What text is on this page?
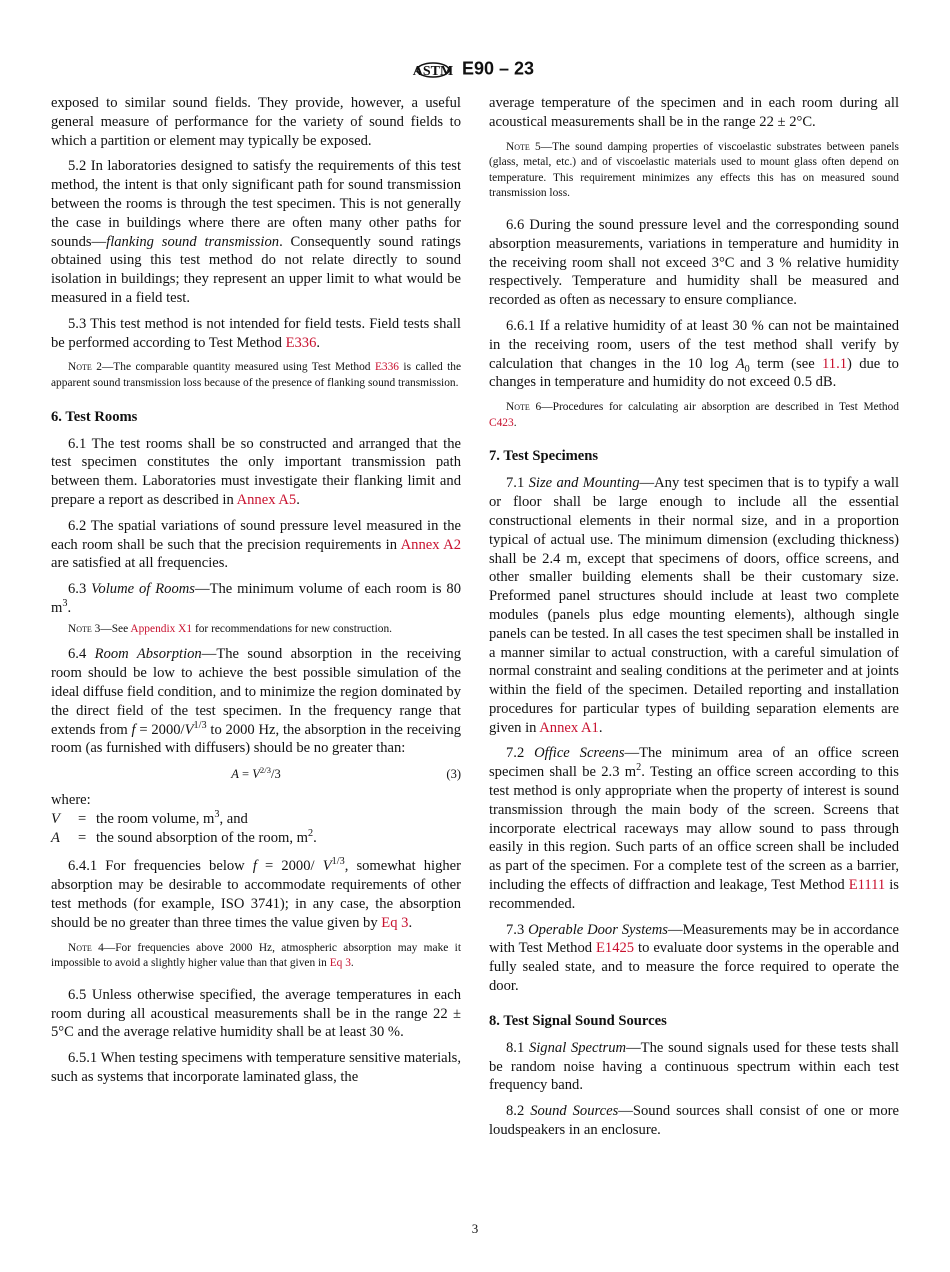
ASTM E90 – 23
exposed to similar sound fields. They provide, however, a useful general measure of performance for the variety of sound fields to which a partition or element may typically be exposed.
5.2 In laboratories designed to satisfy the requirements of this test method, the intent is that only significant path for sound transmission between the rooms is through the test specimen. This is not generally the case in buildings where there are often many other paths for sounds—flanking sound transmission. Consequently sound ratings obtained using this test method do not relate directly to sound isolation in buildings; they represent an upper limit to what would be measured in a field test.
5.3 This test method is not intended for field tests. Field tests shall be performed according to Test Method E336.
Note 2—The comparable quantity measured using Test Method E336 is called the apparent sound transmission loss because of the presence of flanking sound transmission.
6. Test Rooms
6.1 The test rooms shall be so constructed and arranged that the test specimen constitutes the only important transmission path between them. Laboratories must investigate their flanking limit and prepare a report as described in Annex A5.
6.2 The spatial variations of sound pressure level measured in the each room shall be such that the precision requirements in Annex A2 are satisfied at all frequencies.
6.3 Volume of Rooms—The minimum volume of each room is 80 $m^3$.
Note 3—See Appendix X1 for recommendations for new construction.
6.4 Room Absorption—The sound absorption in the receiving room should be low to achieve the best possible simulation of the ideal diffuse field condition, and to minimize the region dominated by the direct field of the test specimen. In the frequency range that extends from $f = 2000/V^{1/3}$ to 2000 Hz, the absorption in the receiving room (as furnished with diffusers) should be no greater than:
$A = V^{2/3}/3$	(3)
where:
V	= the room volume, $m^3$, and
A	= the sound absorption of the room, $m^2$.
6.4.1 For frequencies below f = 2000/ $V^{1/3}$, somewhat higher absorption may be desirable to accommodate requirements of other test methods (for example, ISO 3741); in any case, the absorption should be no greater than three times the value given by Eq 3.
Note 4—For frequencies above 2000 Hz, atmospheric absorption may make it impossible to avoid a slightly higher value than that given in Eq 3.
6.5 Unless otherwise specified, the average temperatures in each room during all acoustical measurements shall be in the range 22 ± 5°C and the average relative humidity shall be at least 30 %.
6.5.1 When testing specimens with temperature sensitive materials, such as systems that incorporate laminated glass, the
average temperature of the specimen and in each room during all acoustical measurements shall be in the range 22 ± 2°C.
Note 5—The sound damping properties of viscoelastic substrates between panels (glass, metal, etc.) and of viscoelastic materials used to mount glass often depend on temperature. This requirement minimizes any effects this has on measured sound transmission loss.
6.6 During the sound pressure level and the corresponding sound absorption measurements, variations in temperature and humidity in the receiving room shall not exceed 3°C and 3 % relative humidity respectively. Temperature and humidity shall be measured and recorded as often as necessary to ensure compliance.
6.6.1 If a relative humidity of at least 30 % can not be maintained in the receiving room, users of the test method shall verify by calculation that changes in the 10 $\log A_0$ term (see 11.1) due to changes in temperature and humidity do not exceed 0.5 dB.
Note 6—Procedures for calculating air absorption are described in Test Method C423.
7. Test Specimens
7.1 Size and Mounting—Any test specimen that is to typify a wall or floor shall be large enough to include all the essential constructional elements in their normal size, and in a proportion typical of actual use. The minimum dimension (excluding thickness) shall be 2.4 m, except that specimens of doors, office screens, and other smaller building elements shall be their customary size. Preformed panel structures should include at least two complete modules (panels plus edge mounting elements), although single panels can be tested. In all cases the test specimen shall be installed in a manner similar to actual construction, with a careful simulation of normal constraint and sealing conditions at the perimeter and at joints within the field of the specimen. Detailed reporting and installation procedures for particular types of building separation elements are given in Annex A1.
7.2 Office Screens—The minimum area of an office screen specimen shall be 2.3 $m^2$. Testing an office screen according to this test method is only appropriate when the property of interest is sound transmission through the main body of the screen. Screens that incorporate electrical raceways may allow sound to pass through easily in this region. Such parts of an office screen shall be included as part of the specimen. For a complete test of the screen as a barrier, including the effects of diffraction and leakage, Test Method E1111 is recommended.
7.3 Operable Door Systems—Measurements may be in accordance with Test Method E1425 to evaluate door systems in the operable and fully sealed state, and to measure the force required to operate the door.
8. Test Signal Sound Sources
8.1 Signal Spectrum—The sound signals used for these tests shall be random noise having a continuous spectrum within each test frequency band.
8.2 Sound Sources—Sound sources shall consist of one or more loudspeakers in an enclosure.
3
